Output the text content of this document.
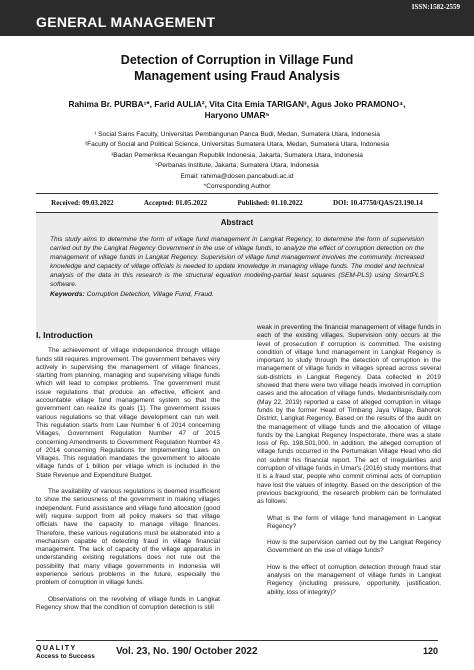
ISSN:1582-2559
GENERAL MANAGEMENT
Detection of Corruption in Village Fund
Management using Fraud Analysis
Rahima Br. PURBA¹*, Farid AULIA², Vita Cita Emia TARIGAN³, Agus Joko PRAMONO⁴,
Haryono UMAR⁵
¹ Social Sains Faculty, Universitas Pembangunan Panca Budi, Medan, Sumatera Utara, Indonesia
²Faculty of Social and Political Science, Universitas Sumatera Utara, Medan, Sumatera Utara, Indonesia
³Badan Pemeriksa Keuangan Republik Indonesia, Jakarta, Sumatera Utara, Indonesia
⁵Perbanas Institute, Jakarta, Sumatera Utara, Indonesia
Email: rahima@dosen.pancabudi.ac.id
*Corresponding Author
Received: 09.03.2022	Accepted: 01.05.2022	Published: 01.10.2022	DOI: 10.47750/QAS/23.190.14
Abstract
This study aims to determine the form of village fund management in Langkat Regency, to determine the form of supervision carried out by the Langkat Regency Government in the use of village funds, to analyze the effect of corruption detection on the management of village funds in Langkat Regency. Supervision of village fund management involves the community. Increased knowledge and capacity of village officials is needed to update knowledge in managing village funds. The model and technical analysis of the data in this research is the structural equation modeling-partial least squares (SEM-PLS) using SmartPLS software.
Keywords: Corruption Detection, Village Fund, Fraud.
I. Introduction

The achievement of village independence through village funds still requires improvement. The government behaves very actively in supervising the management of village finances, starting from planning, managing and supervising village funds which will lead to complex problems. The government must issue regulations that produce an effective, efficient and accountable village fund management system so that the government can realize its goals [1]. The government issues various regulations so that village development can run well. This regulation starts from Law Number 6 of 2014 concerning Villages, Government Regulation Number 47 of 2015 concerning Amendments to Government Regulation Number 43 of 2014 concerning Regulations for Implementing Laws on Villages. This regulation mandates the government to allocate village funds of 1 billion per village which is included in the State Revenue and Expenditure Budget.

The availability of various regulations is deemed insufficient to show the seriousness of the government in making villages independent. Fund assistance and village fund allocation (good will) require support from all policy makers so that village officials have the capacity to manage village finances. Therefore, these various regulations must be elaborated into a mechanism capable of detecting fraud in village financial management. The lack of capacity of the village apparatus in understanding existing regulations does not rule out the possibility that many village governments in Indonesia will experience serious problems in the future, especially the problem of corruption in village funds.

Observations on the revolving of village funds in Langkat Regency show that the condition of corruption detection is still

weak in preventing the financial management of village funds in each of the existing villages. Supervision only occurs at the level of prosecution if corruption is committed. The existing condition of village fund management in Langkat Regency is important to study through the detection of corruption in the management of village funds in villages spread across several sub-districts in Langkat Regency. Data collected in 2019 showed that there were two village heads involved in corruption cases and the allocation of village funds. Medanbisnisdaily.com (May 22, 2019) reported a case of alleged corruption in village funds by the former Head of Timbang Jaya Village, Bahorok District, Langkat Regency. Based on the results of the audit on the management of village funds and the allocation of village funds by the Langkat Regency Inspectorate, there was a state loss of Rp. 198,501,000. In addition, the alleged corruption of village funds occurred in the Pertumakan Village Head who did not submit his financial report. The act of irregularities and corruption of village funds in Umar's (2016) study mentions that it is a fraud star, people who commit criminal acts of corruption have lost the values of integrity. Based on the description of the previous background, the research problem can be formulated as follows:

What is the form of village fund management in Langkat Regency?

How is the supervision carried out by the Langkat Regency Government on the use of village funds?

How is the effect of corruption detection through fraud star analysis on the management of village funds in Langkat Regency (including pressure, opportunity, justification, ability, loss of integrity)?

QUALITY
Access to Success Vol. 23, No. 190/ October 2022	120
